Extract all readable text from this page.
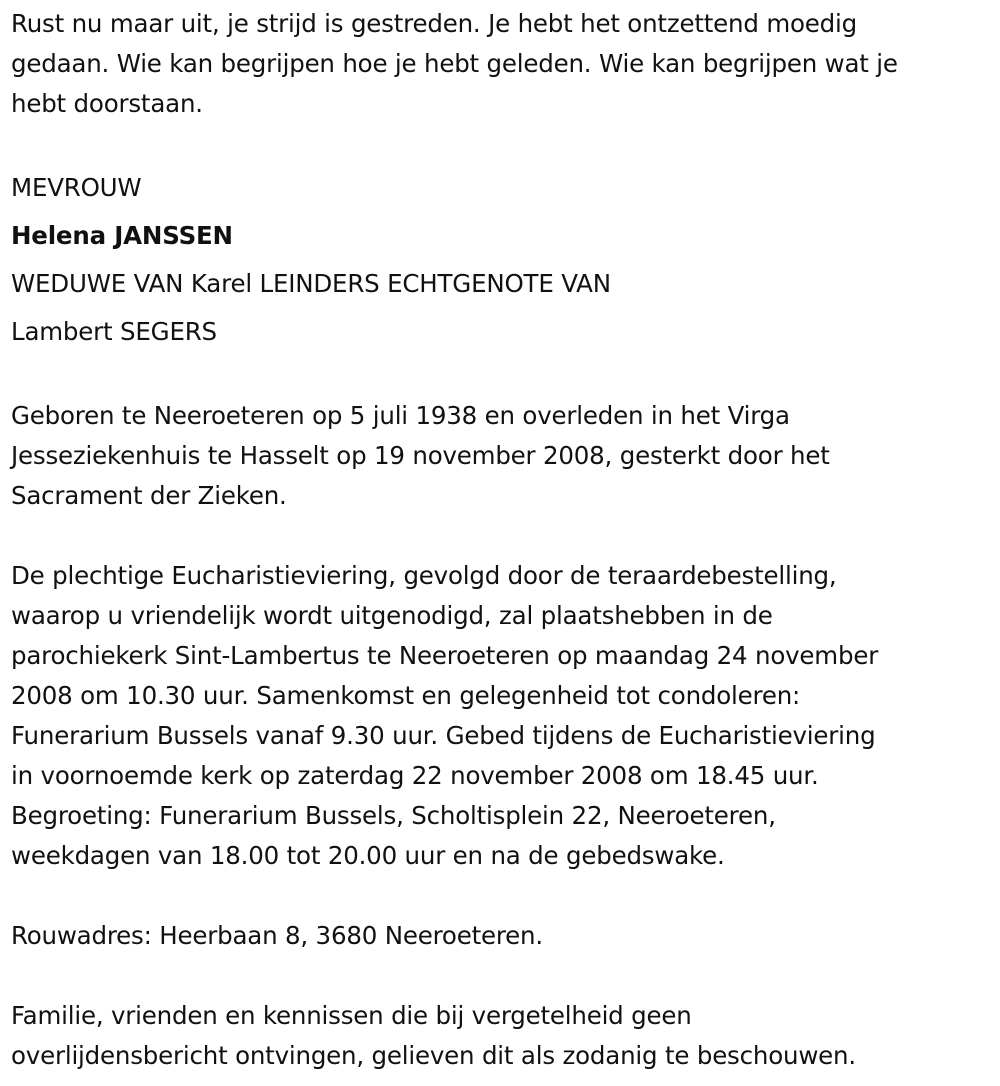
Rust nu maar uit, je strijd is gestreden. Je hebt het ontzettend moedig
gedaan. Wie kan begrijpen hoe je hebt geleden. Wie kan begrijpen wat je
hebt doorstaan.
MEVROUW
Helena JANSSEN
WEDUWE VAN Karel LEINDERS ECHTGENOTE VAN
Lambert SEGERS
Geboren te Neeroeteren op 5 juli 1938 en overleden in het Virga
Jesseziekenhuis te Hasselt op 19 november 2008, gesterkt door het
Sacrament der Zieken.
De plechtige Eucharistieviering, gevolgd door de teraardebestelling,
waarop u vriendelijk wordt uitgenodigd, zal plaatshebben in de
parochiekerk Sint-Lambertus te Neeroeteren op maandag 24 november
2008 om 10.30 uur. Samenkomst en gelegenheid tot condoleren:
Funerarium Bussels vanaf 9.30 uur. Gebed tijdens de Eucharistieviering
in voornoemde kerk op zaterdag 22 november 2008 om 18.45 uur.
Begroeting: Funerarium Bussels, Scholtisplein 22, Neeroeteren,
weekdagen van 18.00 tot 20.00 uur en na de gebedswake.
Rouwadres: Heerbaan 8, 3680 Neeroeteren.
Familie, vrienden en kennissen die bij vergetelheid geen
overlijdensbericht ontvingen, gelieven dit als zodanig te beschouwen.
